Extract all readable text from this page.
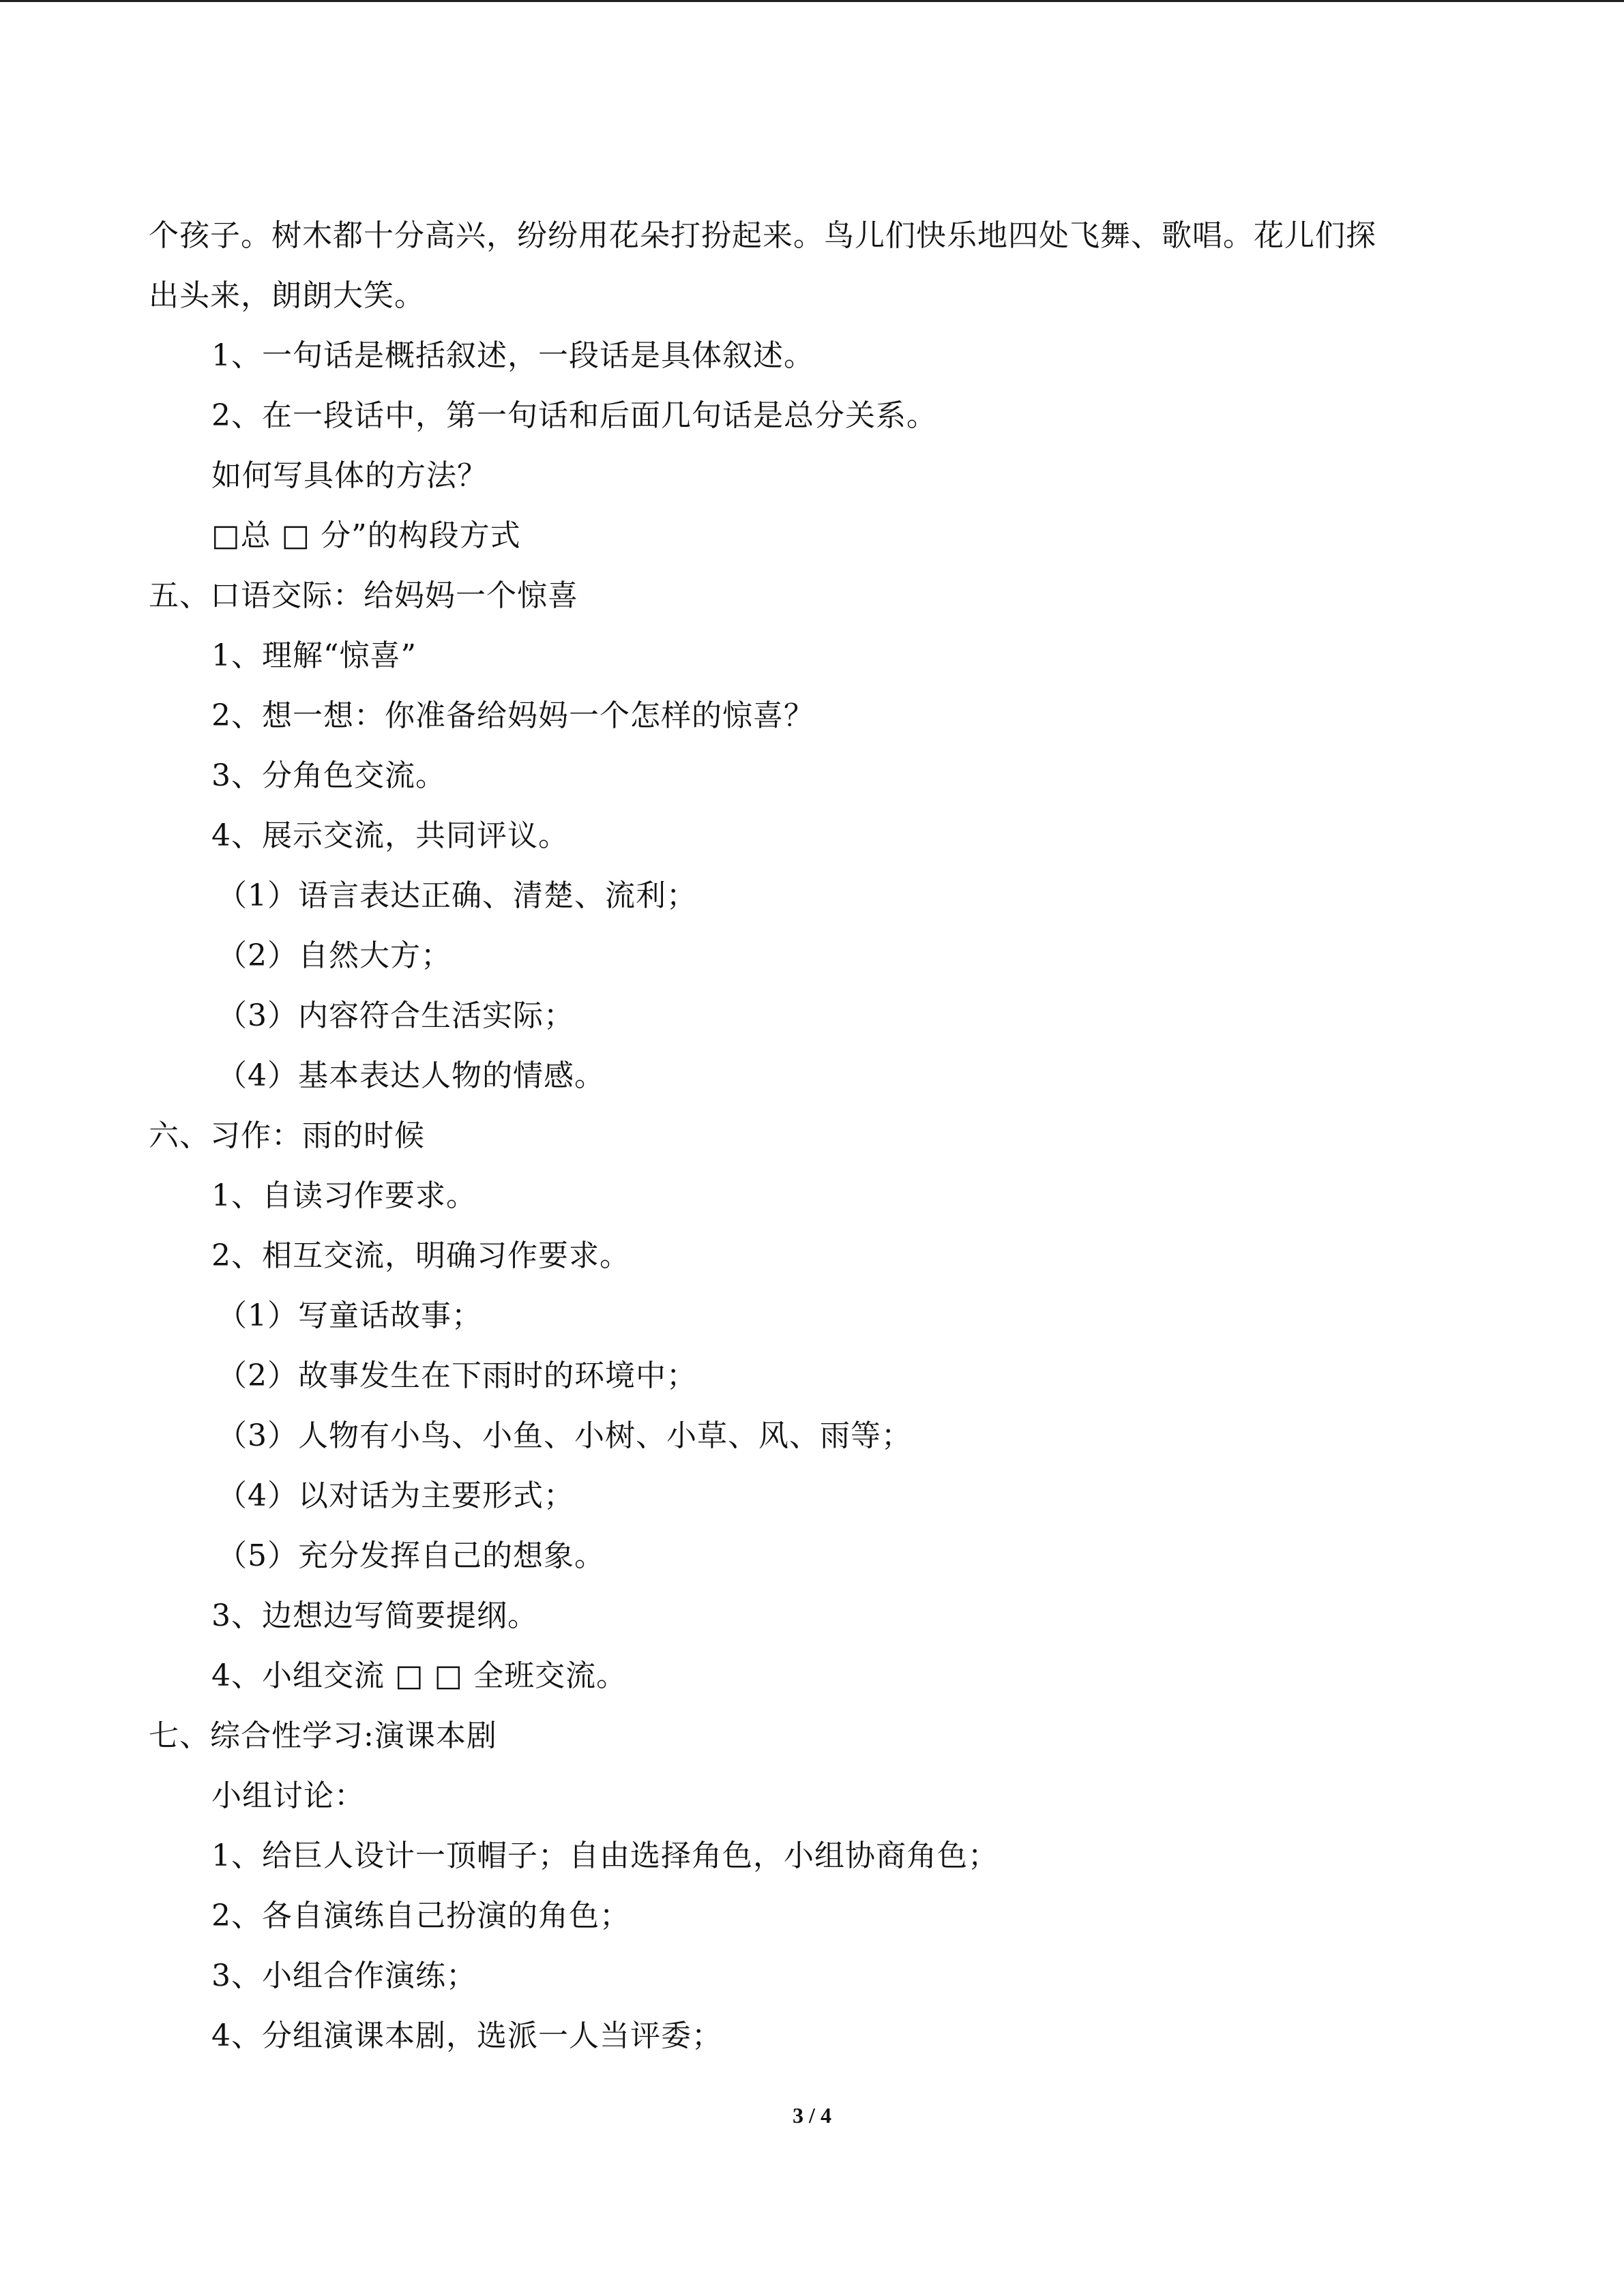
个孩子。树木都十分高兴，纷纷用花朵打扮起来。鸟儿们快乐地四处飞舞、歌唱。花儿们探
出头来，朗朗大笑。
1、一句话是概括叙述，一段话是具体叙述。
2、在一段话中，第一句话和后面几句话是总分关系。
如何写具体的方法？
□总 □ 分”的构段方式
五、口语交际：给妈妈一个惊喜
1、理解“惊喜”
2、想一想：你准备给妈妈一个怎样的惊喜？
3、分角色交流。
4、展示交流，共同评议。
（1）语言表达正确、清楚、流利；
（2）自然大方；
（3）内容符合生活实际；
（4）基本表达人物的情感。
六、习作：雨的时候
1、自读习作要求。
2、相互交流，明确习作要求。
（1）写童话故事；
（2）故事发生在下雨时的环境中；
（3）人物有小鸟、小鱼、小树、小草、风、雨等；
（4）以对话为主要形式；
（5）充分发挥自己的想象。
3、边想边写简要提纲。
4、小组交流 □ □ 全班交流。
七、综合性学习:演课本剧
小组讨论：
1、给巨人设计一顶帽子；自由选择角色，小组协商角色；
2、各自演练自己扮演的角色；
3、小组合作演练；
4、分组演课本剧，选派一人当评委；
3 / 4
